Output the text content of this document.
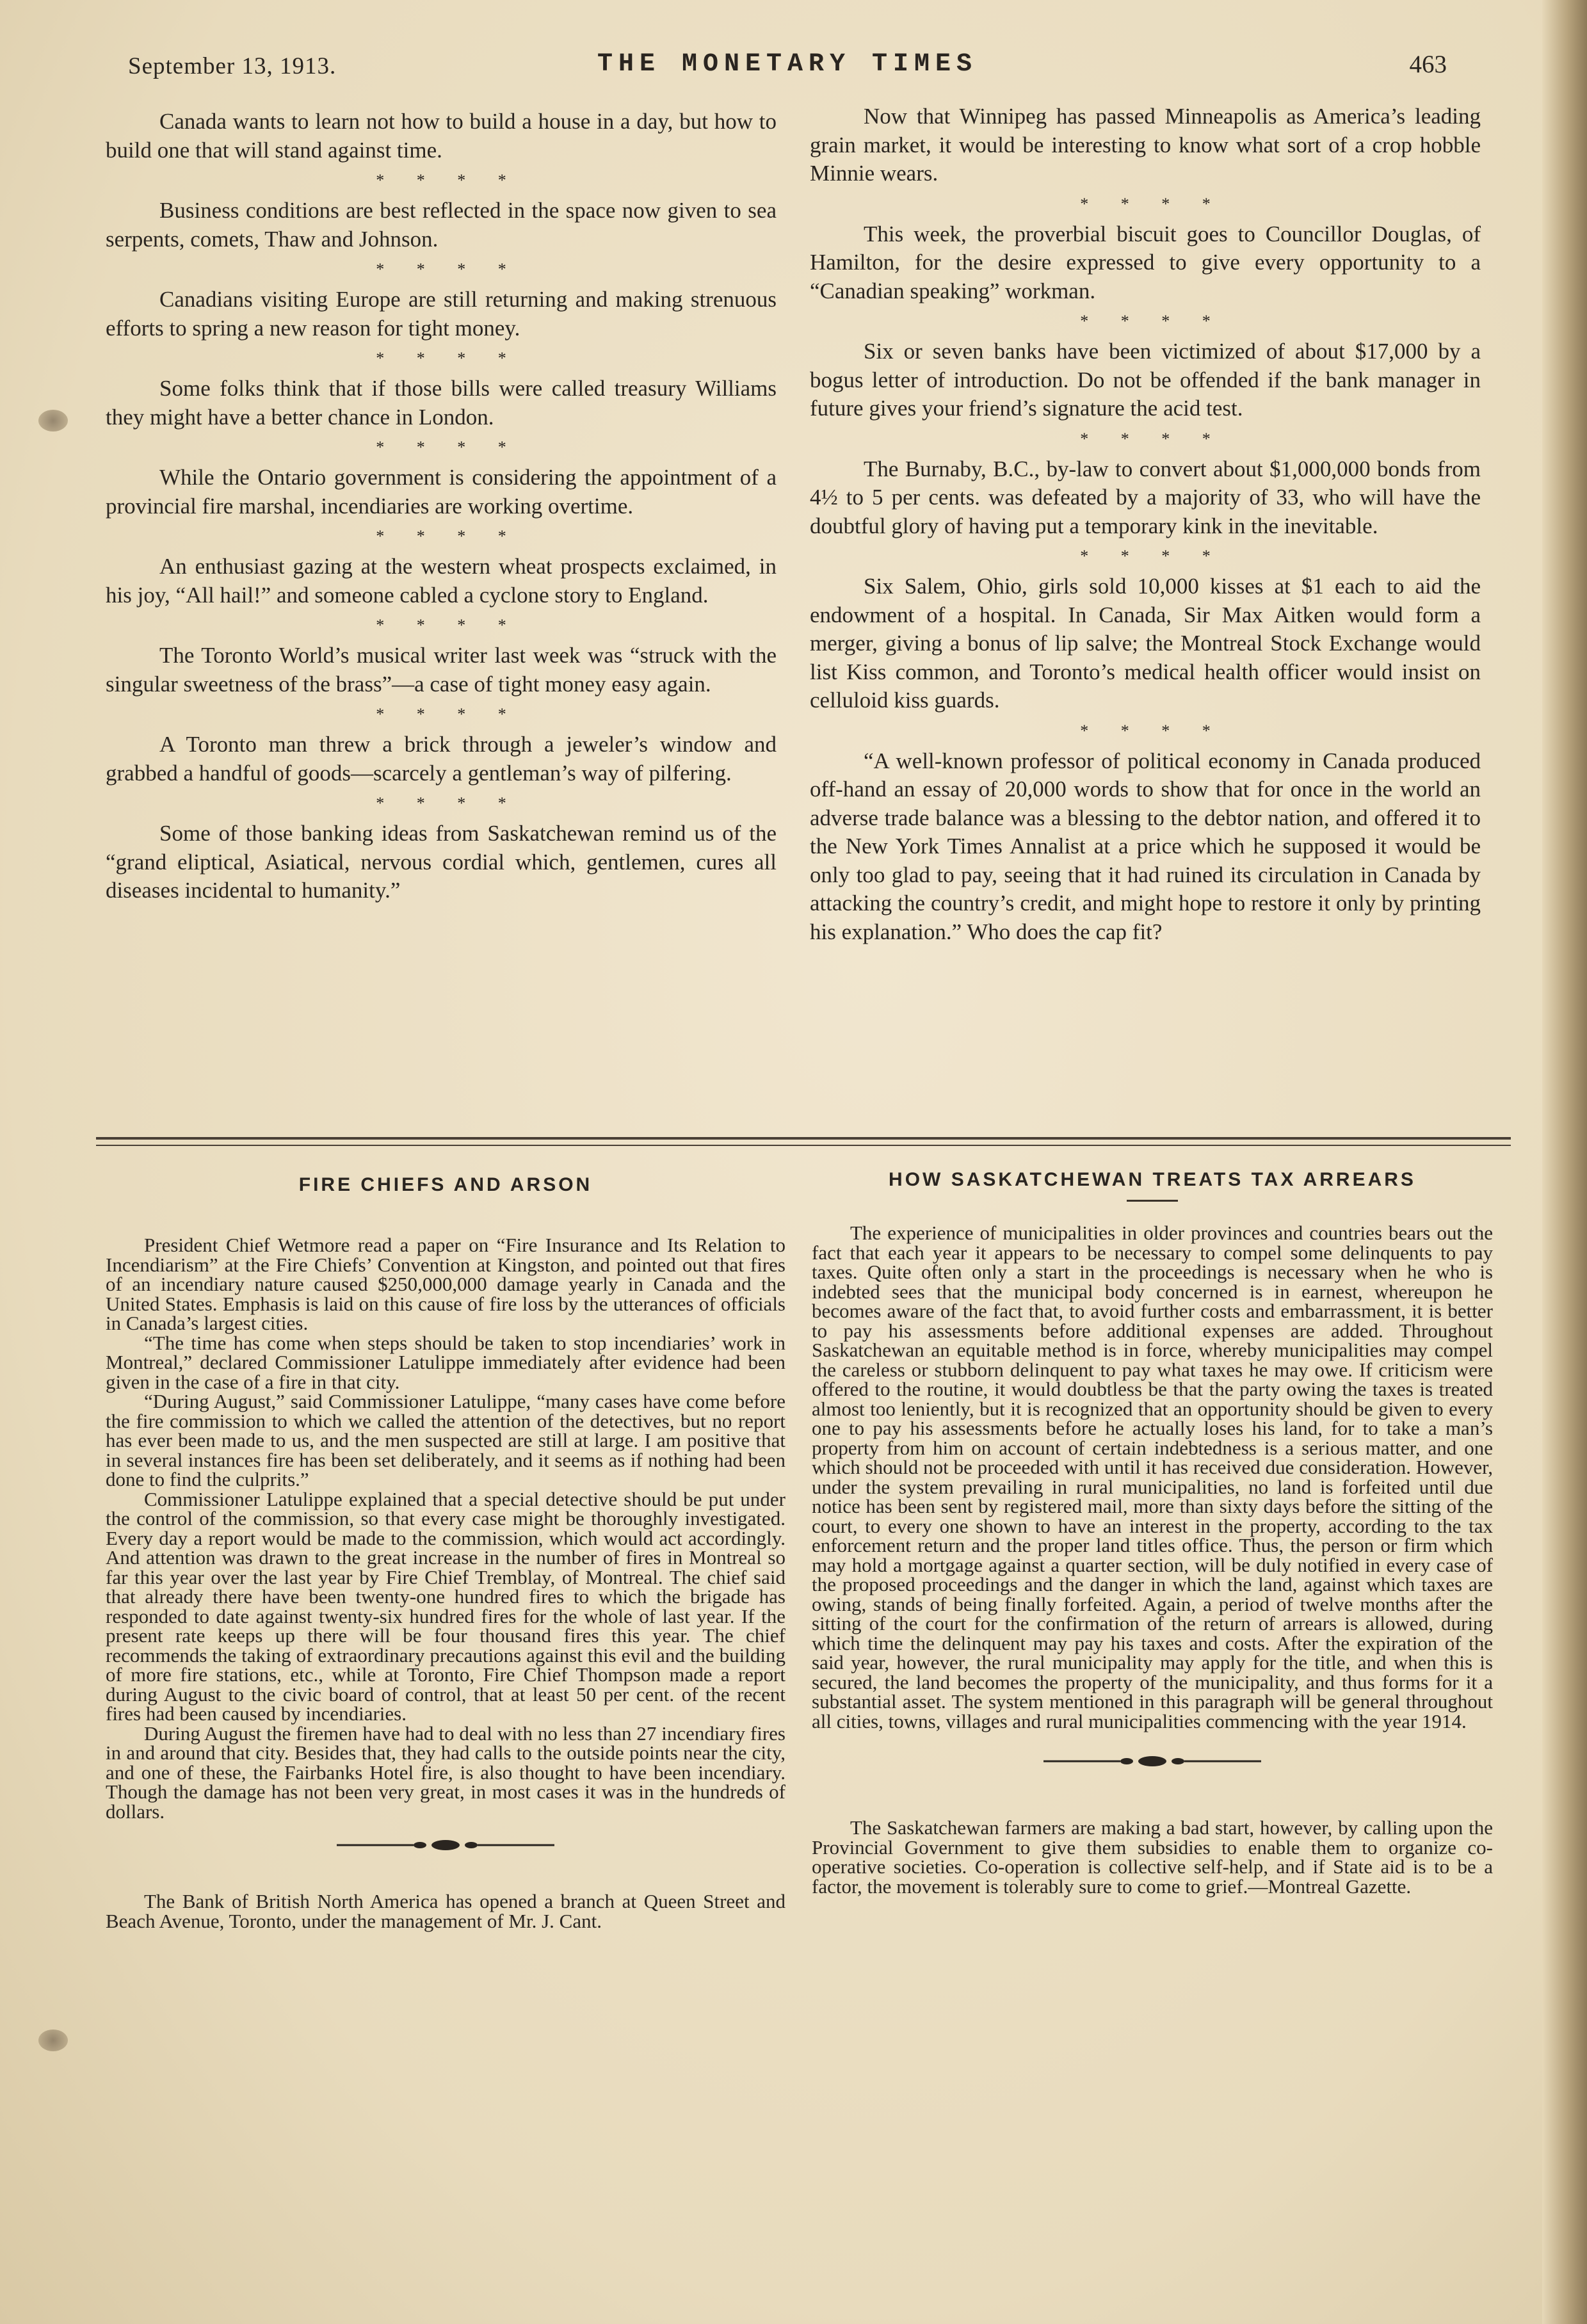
September 13, 1913.	THE MONETARY TIMES	463

Canada wants to learn not how to build a house in a day, but how to build one that will stand against time.

* * * *

Business conditions are best reflected in the space now given to sea serpents, comets, Thaw and Johnson.

* * * *

Canadians visiting Europe are still returning and making strenuous efforts to spring a new reason for tight money.

* * * *

Some folks think that if those bills were called treasury Williams they might have a better chance in London.

* * * *

While the Ontario government is considering the appointment of a provincial fire marshal, incendiaries are working overtime.

* * * *

An enthusiast gazing at the western wheat prospects exclaimed, in his joy, “All hail!” and someone cabled a cyclone story to England.

* * * *

The Toronto World’s musical writer last week was “struck with the singular sweetness of the brass”—a case of tight money easy again.

* * * *

A Toronto man threw a brick through a jeweler’s window and grabbed a handful of goods—scarcely a gentleman’s way of pilfering.

* * * *

Some of those banking ideas from Saskatchewan remind us of the “grand eliptical, Asiatical, nervous cordial which, gentlemen, cures all diseases incidental to humanity.”

Now that Winnipeg has passed Minneapolis as America’s leading grain market, it would be interesting to know what sort of a crop hobble Minnie wears.

* * * *

This week, the proverbial biscuit goes to Councillor Douglas, of Hamilton, for the desire expressed to give every opportunity to a “Canadian speaking” workman.

* * * *

Six or seven banks have been victimized of about $17,000 by a bogus letter of introduction. Do not be offended if the bank manager in future gives your friend’s signature the acid test.

* * * *

The Burnaby, B.C., by-law to convert about $1,000,000 bonds from 4½ to 5 per cents. was defeated by a majority of 33, who will have the doubtful glory of having put a temporary kink in the inevitable.

* * * *

Six Salem, Ohio, girls sold 10,000 kisses at $1 each to aid the endowment of a hospital. In Canada, Sir Max Aitken would form a merger, giving a bonus of lip salve; the Montreal Stock Exchange would list Kiss common, and Toronto’s medical health officer would insist on celluloid kiss guards.

* * * *

“A well-known professor of political economy in Canada produced off-hand an essay of 20,000 words to show that for once in the world an adverse trade balance was a blessing to the debtor nation, and offered it to the New York Times Annalist at a price which he supposed it would be only too glad to pay, seeing that it had ruined its circulation in Canada by attacking the country’s credit, and might hope to restore it only by printing his explanation.” Who does the cap fit?

FIRE CHIEFS AND ARSON

President Chief Wetmore read a paper on “Fire Insurance and Its Relation to Incendiarism” at the Fire Chiefs’ Convention at Kingston, and pointed out that fires of an incendiary nature caused $250,000,000 damage yearly in Canada and the United States. Emphasis is laid on this cause of fire loss by the utterances of officials in Canada’s largest cities.

“The time has come when steps should be taken to stop incendiaries’ work in Montreal,” declared Commissioner Latulippe immediately after evidence had been given in the case of a fire in that city.

“During August,” said Commissioner Latulippe, “many cases have come before the fire commission to which we called the attention of the detectives, but no report has ever been made to us, and the men suspected are still at large. I am positive that in several instances fire has been set deliberately, and it seems as if nothing had been done to find the culprits.”

Commissioner Latulippe explained that a special detective should be put under the control of the commission, so that every case might be thoroughly investigated. Every day a report would be made to the commission, which would act accordingly. And attention was drawn to the great increase in the number of fires in Montreal so far this year over the last year by Fire Chief Tremblay, of Montreal. The chief said that already there have been twenty-one hundred fires to which the brigade has responded to date against twenty-six hundred fires for the whole of last year. If the present rate keeps up there will be four thousand fires this year. The chief recommends the taking of extraordinary precautions against this evil and the building of more fire stations, etc., while at Toronto, Fire Chief Thompson made a report during August to the civic board of control, that at least 50 per cent. of the recent fires had been caused by incendiaries.

During August the firemen have had to deal with no less than 27 incendiary fires in and around that city. Besides that, they had calls to the outside points near the city, and one of these, the Fairbanks Hotel fire, is also thought to have been incendiary. Though the damage has not been very great, in most cases it was in the hundreds of dollars.

The Bank of British North America has opened a branch at Queen Street and Beach Avenue, Toronto, under the management of Mr. J. Cant.

HOW SASKATCHEWAN TREATS TAX ARREARS

The experience of municipalities in older provinces and countries bears out the fact that each year it appears to be necessary to compel some delinquents to pay taxes. Quite often only a start in the proceedings is necessary when he who is indebted sees that the municipal body concerned is in earnest, whereupon he becomes aware of the fact that, to avoid further costs and embarrassment, it is better to pay his assessments before additional expenses are added. Throughout Saskatchewan an equitable method is in force, whereby municipalities may compel the careless or stubborn delinquent to pay what taxes he may owe. If criticism were offered to the routine, it would doubtless be that the party owing the taxes is treated almost too leniently, but it is recognized that an opportunity should be given to every one to pay his assessments before he actually loses his land, for to take a man’s property from him on account of certain indebtedness is a serious matter, and one which should not be proceeded with until it has received due consideration. However, under the system prevailing in rural municipalities, no land is forfeited until due notice has been sent by registered mail, more than sixty days before the sitting of the court, to every one shown to have an interest in the property, according to the tax enforcement return and the proper land titles office. Thus, the person or firm which may hold a mortgage against a quarter section, will be duly notified in every case of the proposed proceedings and the danger in which the land, against which taxes are owing, stands of being finally forfeited. Again, a period of twelve months after the sitting of the court for the confirmation of the return of arrears is allowed, during which time the delinquent may pay his taxes and costs. After the expiration of the said year, however, the rural municipality may apply for the title, and when this is secured, the land becomes the property of the municipality, and thus forms for it a substantial asset. The system mentioned in this paragraph will be general throughout all cities, towns, villages and rural municipalities commencing with the year 1914.

The Saskatchewan farmers are making a bad start, however, by calling upon the Provincial Government to give them subsidies to enable them to organize co-operative societies. Co-operation is collective self-help, and if State aid is to be a factor, the movement is tolerably sure to come to grief.—Montreal Gazette.
